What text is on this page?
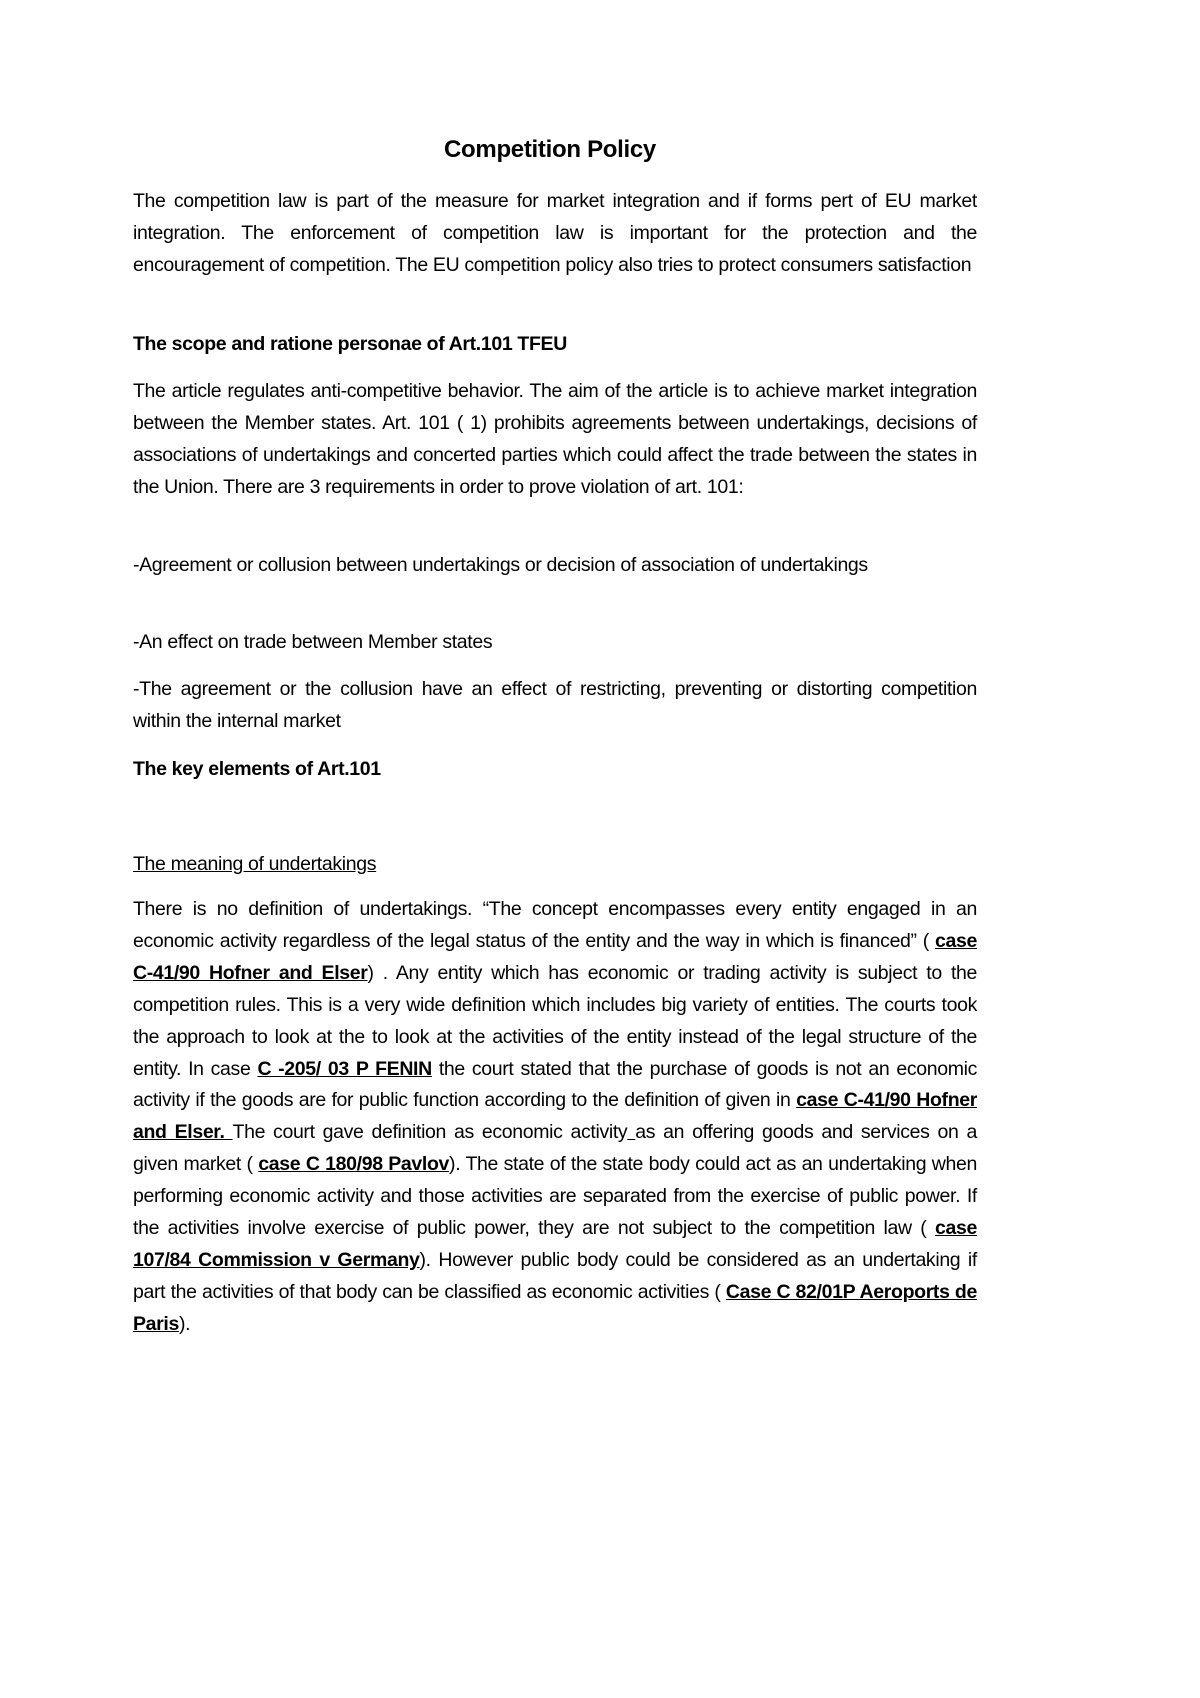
Competition Policy

The competition law is part of the measure for market integration and if forms pert of EU market integration. The enforcement of competition law is important for the protection and the encouragement of competition. The EU competition policy also tries to protect consumers satisfaction

The scope and ratione personae of Art.101 TFEU

The article regulates anti-competitive behavior. The aim of the article is to achieve market integration between the Member states. Art. 101 ( 1) prohibits agreements between undertakings, decisions of associations of undertakings and concerted parties which could affect the trade between the states in the Union. There are 3 requirements in order to prove violation of art. 101:

-Agreement or collusion between undertakings or decision of association of undertakings

-An effect on trade between Member states

-The agreement or the collusion have an effect of restricting, preventing or distorting competition within the internal market

The key elements of Art.101

The meaning of undertakings

There is no definition of undertakings. “The concept encompasses every entity engaged in an economic activity regardless of the legal status of the entity and the way in which is financed” ( case C-41/90 Hofner and Elser) . Any entity which has economic or trading activity is subject to the competition rules. This is a very wide definition which includes big variety of entities. The courts took the approach to look at the to look at the activities of the entity instead of the legal structure of the entity. In case C -205/ 03 P FENIN the court stated that the purchase of goods is not an economic activity if the goods are for public function according to the definition of given in case C-41/90 Hofner and Elser. The court gave definition as economic activity as an offering goods and services on a given market ( case C 180/98 Pavlov). The state of the state body could act as an undertaking when performing economic activity and those activities are separated from the exercise of public power. If the activities involve exercise of public power, they are not subject to the competition law ( case 107/84 Commission v Germany). However public body could be considered as an undertaking if part the activities of that body can be classified as economic activities ( Case C 82/01P Aeroports de Paris).
